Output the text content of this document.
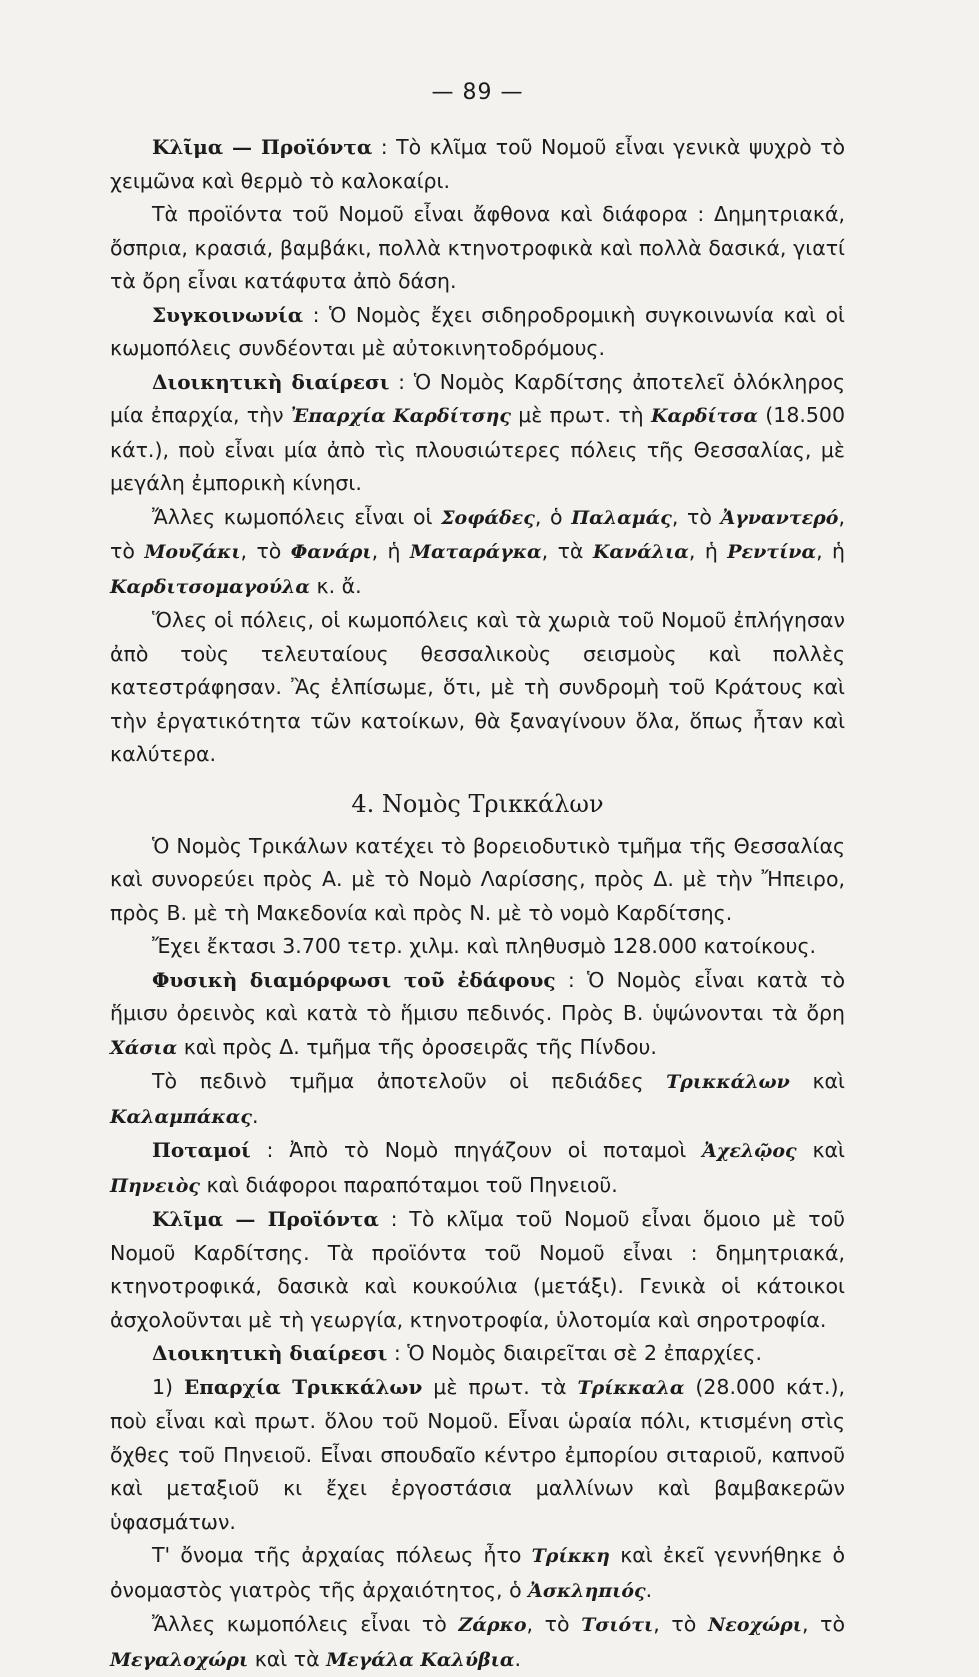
— 89 —

Κλῖμα — Προϊόντα : Τὸ κλῖμα τοῦ Νομοῦ εἶναι γενικὰ ψυχρὸ τὸ χειμῶνα καὶ θερμὸ τὸ καλοκαίρι.

Τὰ προϊόντα τοῦ Νομοῦ εἶναι ἄφθονα καὶ διάφορα : Δημητριακά, ὄσπρια, κρασιά, βαμβάκι, πολλὰ κτηνοτροφικὰ καὶ πολλὰ δασικά, γιατί τὰ ὄρη εἶναι κατάφυτα ἀπὸ δάση.

Συγκοινωνία : Ὁ Νομὸς ἔχει σιδηροδρομικὴ συγκοινωνία καὶ οἱ κωμοπόλεις συνδέονται μὲ αὐτοκινητοδρόμους.

Διοικητικὴ διαίρεσι : Ὁ Νομὸς Καρδίτσης ἀποτελεῖ ὁλόκληρος μία ἐπαρχία, τὴν Ἐπαρχία Καρδίτσης μὲ πρωτ. τὴ Καρδίτσα (18.500 κάτ.), ποὺ εἶναι μία ἀπὸ τὶς πλουσιώτερες πόλεις τῆς Θεσσαλίας, μὲ μεγάλη ἐμπορικὴ κίνησι.

Ἄλλες κωμοπόλεις εἶναι οἱ Σοφάδες, ὁ Παλαμάς, τὸ Ἀγναντερό, τὸ Μουζάκι, τὸ Φανάρι, ἡ Ματαράγκα, τὰ Κανάλια, ἡ Ρεντίνα, ἡ Καρδιτσομαγούλα κ. ἄ.

Ὅλες οἱ πόλεις, οἱ κωμοπόλεις καὶ τὰ χωριὰ τοῦ Νομοῦ ἐπλήγησαν ἀπὸ τοὺς τελευταίους θεσσαλικοὺς σεισμοὺς καὶ πολλὲς κατεστράφησαν. Ἂς ἐλπίσωμε, ὅτι, μὲ τὴ συνδρομὴ τοῦ Κράτους καὶ τὴν ἐργατικότητα τῶν κατοίκων, θὰ ξαναγίνουν ὅλα, ὅπως ἦταν καὶ καλύτερα.

4. Νομὸς Τρικκάλων

Ὁ Νομὸς Τρικάλων κατέχει τὸ βορειοδυτικὸ τμῆμα τῆς Θεσσαλίας καὶ συνορεύει πρὸς Α. μὲ τὸ Νομὸ Λαρίσσης, πρὸς Δ. μὲ τὴν Ἤπειρο, πρὸς Β. μὲ τὴ Μακεδονία καὶ πρὸς Ν. μὲ τὸ νομὸ Καρδίτσης.

Ἔχει ἔκτασι 3.700 τετρ. χιλμ. καὶ πληθυσμὸ 128.000 κατοίκους.

Φυσικὴ διαμόρφωσι τοῦ ἐδάφους : Ὁ Νομὸς εἶναι κατὰ τὸ ἥμισυ ὀρεινὸς καὶ κατὰ τὸ ἥμισυ πεδινός. Πρὸς Β. ὑψώνονται τὰ ὄρη Χάσια καὶ πρὸς Δ. τμῆμα τῆς ὀροσειρᾶς τῆς Πίνδου.

Τὸ πεδινὸ τμῆμα ἀποτελοῦν οἱ πεδιάδες Τρικκάλων καὶ Καλαμπάκας.

Ποταμοί : Ἀπὸ τὸ Νομὸ πηγάζουν οἱ ποταμοὶ Ἀχελῷος καὶ Πηνειὸς καὶ διάφοροι παραπόταμοι τοῦ Πηνειοῦ.

Κλῖμα — Προϊόντα : Τὸ κλῖμα τοῦ Νομοῦ εἶναι ὅμοιο μὲ τοῦ Νομοῦ Καρδίτσης. Τὰ προϊόντα τοῦ Νομοῦ εἶναι : δημητριακά, κτηνοτροφικά, δασικὰ καὶ κουκούλια (μετάξι). Γενικὰ οἱ κάτοικοι ἀσχολοῦνται μὲ τὴ γεωργία, κτηνοτροφία, ὑλοτομία καὶ σηροτροφία.

Διοικητικὴ διαίρεσι : Ὁ Νομὸς διαιρεῖται σὲ 2 ἐπαρχίες.

1) Επαρχία Τρικκάλων μὲ πρωτ. τὰ Τρίκκαλα (28.000 κάτ.), ποὺ εἶναι καὶ πρωτ. ὅλου τοῦ Νομοῦ. Εἶναι ὡραία πόλι, κτισμένη στὶς ὄχθες τοῦ Πηνειοῦ. Εἶναι σπουδαῖο κέντρο ἐμπορίου σιταριοῦ, καπνοῦ καὶ μεταξιοῦ κι ἔχει ἐργοστάσια μαλλίνων καὶ βαμβακερῶν ὑφασμάτων.

Τ' ὄνομα τῆς ἀρχαίας πόλεως ἦτο Τρίκκη καὶ ἐκεῖ γεννήθηκε ὁ ὀνομαστὸς γιατρὸς τῆς ἀρχαιότητος, ὁ Ἀσκληπιός.

Ἄλλες κωμοπόλεις εἶναι τὸ Ζάρκο, τὸ Τσιότι, τὸ Νεοχώρι, τὸ Μεγαλοχώρι καὶ τὰ Μεγάλα Καλύβια.
